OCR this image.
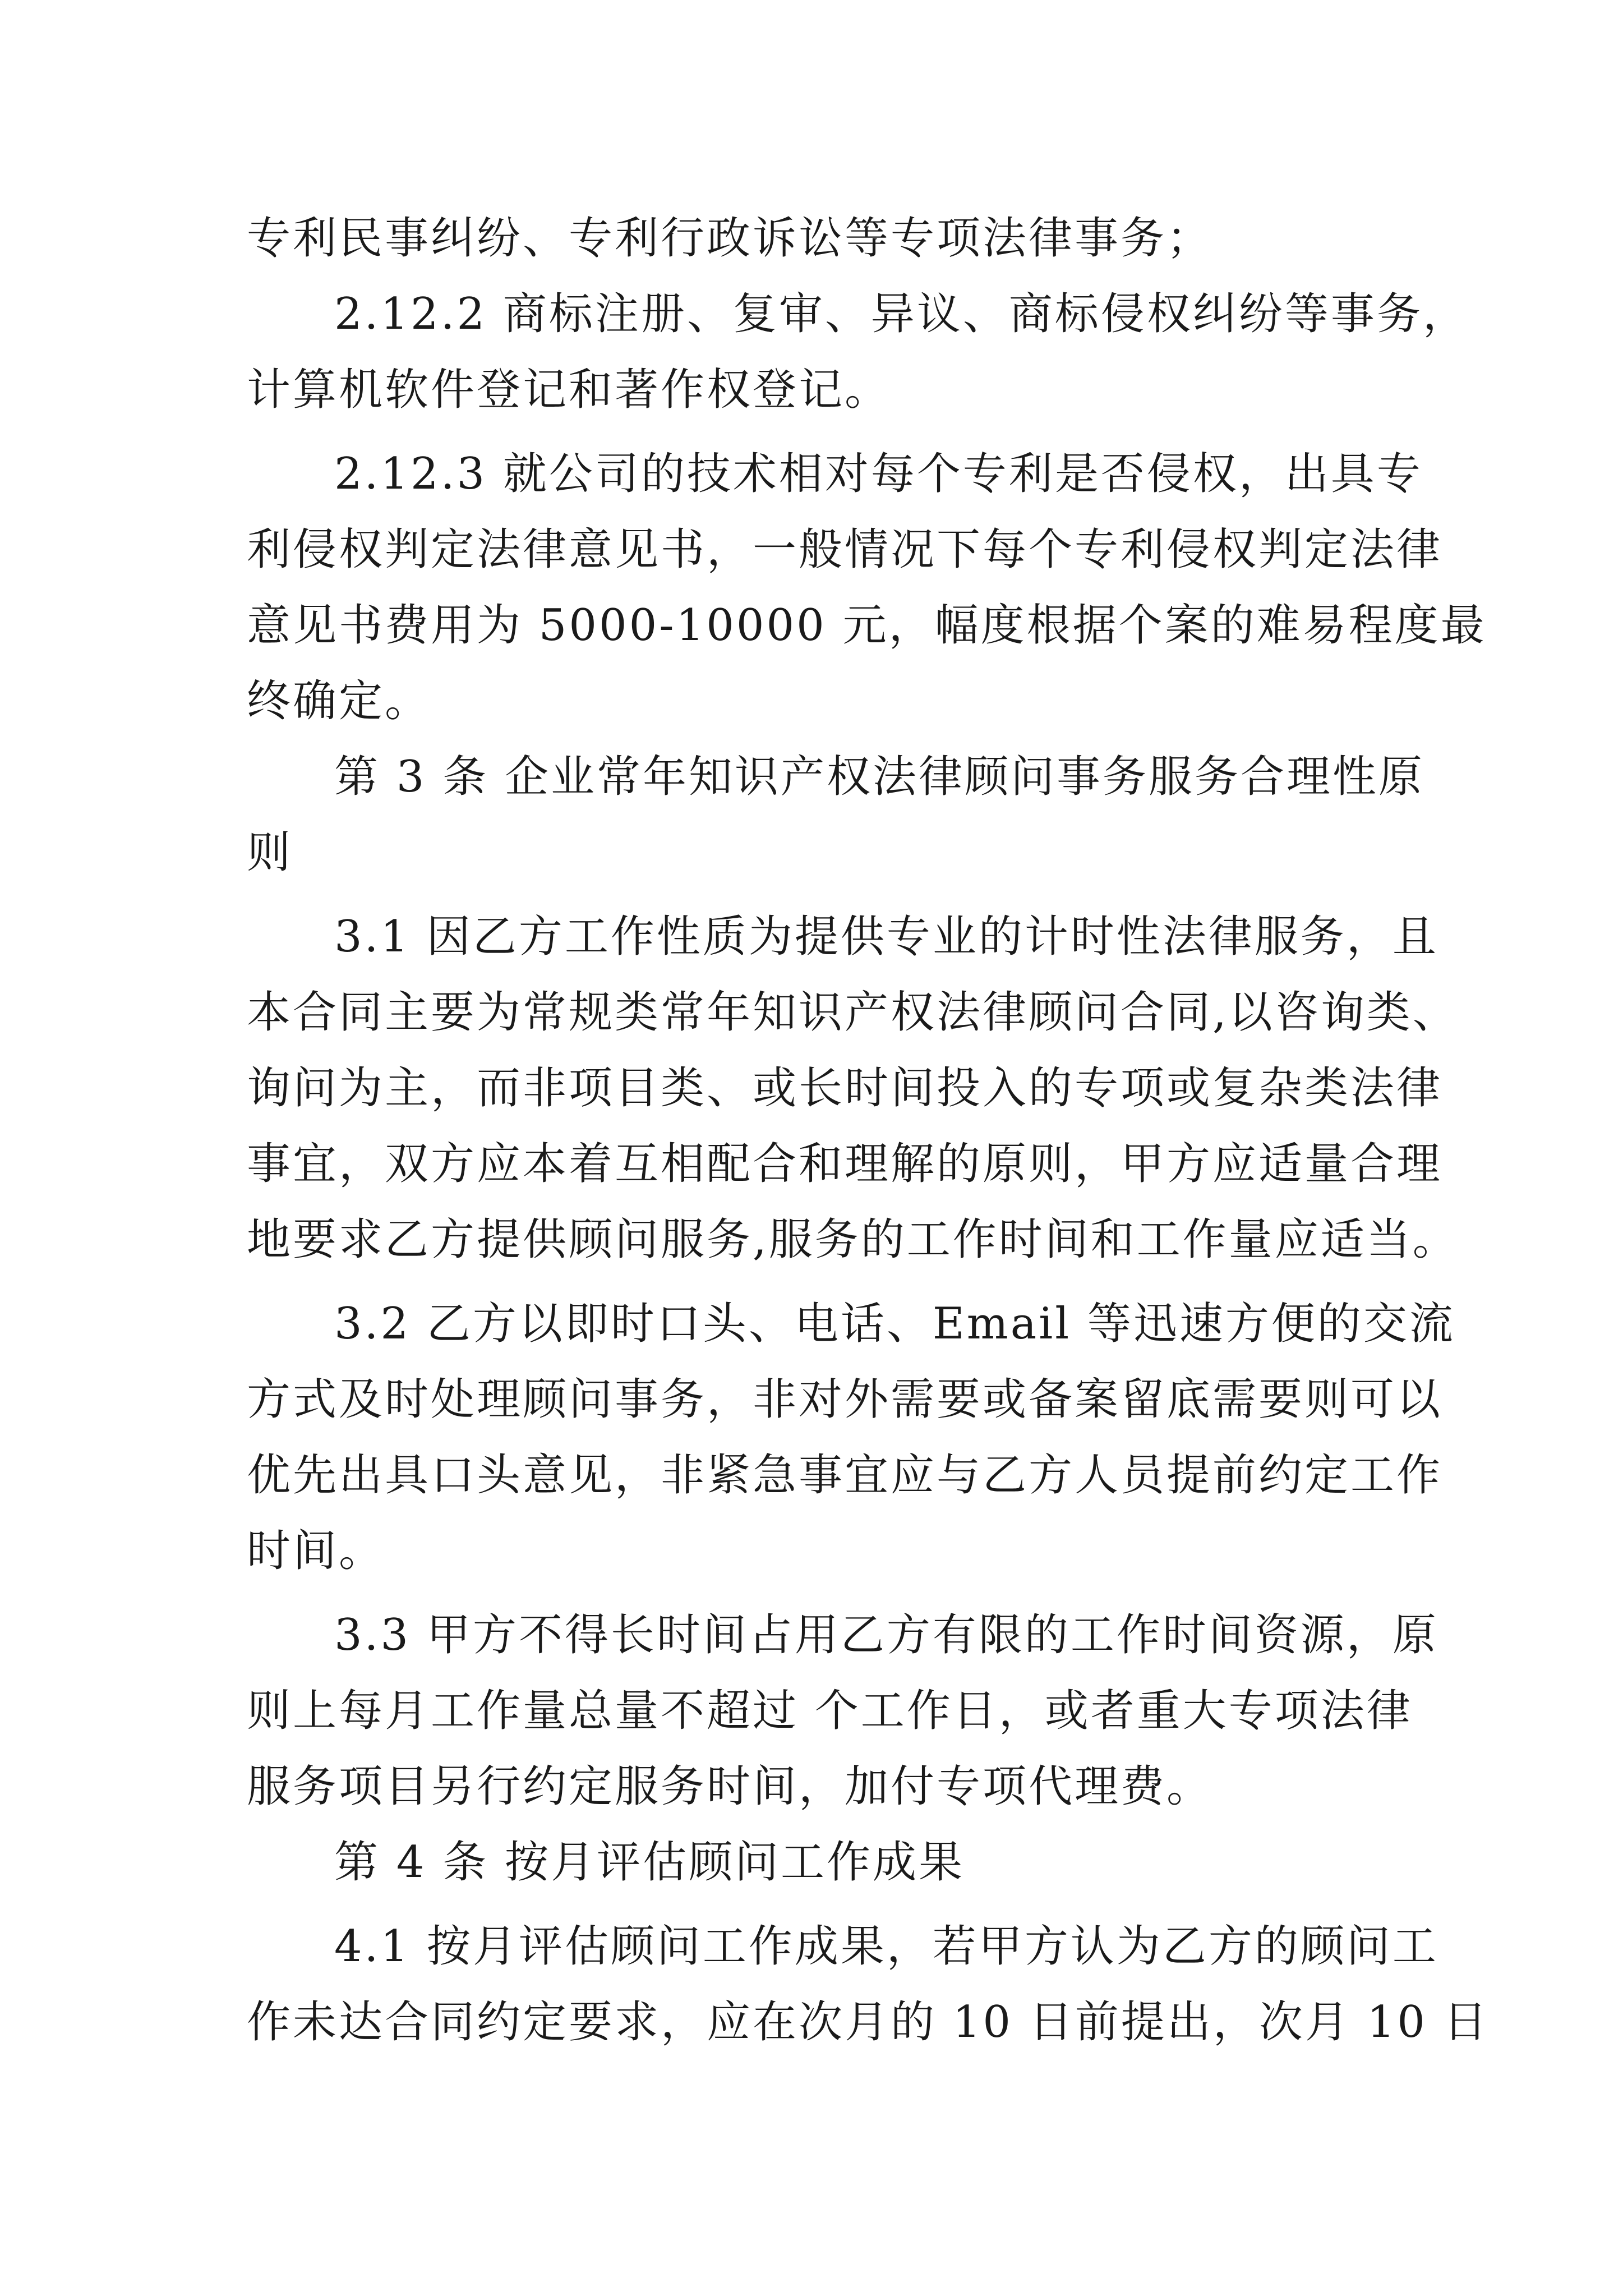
专利民事纠纷、专利行政诉讼等专项法律事务；

2.12.2 商标注册、复审、异议、商标侵权纠纷等事务，

计算机软件登记和著作权登记。

2.12.3 就公司的技术相对每个专利是否侵权，出具专

利侵权判定法律意见书，一般情况下每个专利侵权判定法律

意见书费用为 5000-10000 元，幅度根据个案的难易程度最

终确定。

第 3 条 企业常年知识产权法律顾问事务服务合理性原

则

3.1 因乙方工作性质为提供专业的计时性法律服务，且

本合同主要为常规类常年知识产权法律顾问合同,以咨询类、

询问为主，而非项目类、或长时间投入的专项或复杂类法律

事宜，双方应本着互相配合和理解的原则，甲方应适量合理

地要求乙方提供顾问服务,服务的工作时间和工作量应适当。

3.2 乙方以即时口头、电话、Email 等迅速方便的交流

方式及时处理顾问事务，非对外需要或备案留底需要则可以

优先出具口头意见，非紧急事宜应与乙方人员提前约定工作

时间。

3.3 甲方不得长时间占用乙方有限的工作时间资源，原

则上每月工作量总量不超过 个工作日，或者重大专项法律

服务项目另行约定服务时间，加付专项代理费。

第 4 条 按月评估顾问工作成果

4.1 按月评估顾问工作成果，若甲方认为乙方的顾问工

作未达合同约定要求，应在次月的 10 日前提出，次月 10 日
